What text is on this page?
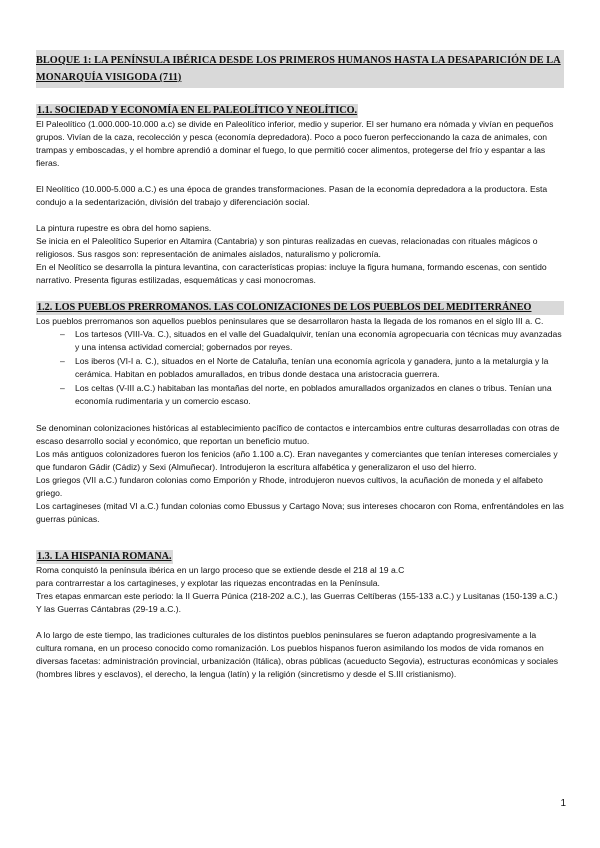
BLOQUE 1: LA PENÍNSULA IBÉRICA DESDE LOS PRIMEROS HUMANOS HASTA LA DESAPARICIÓN DE LA MONARQUÍA VISIGODA (711)
1.1. SOCIEDAD Y ECONOMÍA EN EL PALEOLÍTICO Y NEOLÍTICO.

El Paleolítico (1.000.000-10.000 a.c) se divide en Paleolítico inferior, medio y superior. El ser humano era nómada y vivían en pequeños grupos. Vivían de la caza, recolección y pesca (economía depredadora). Poco a poco fueron perfeccionando la caza de animales, con trampas y emboscadas, y el hombre aprendió a dominar el fuego, lo que permitió cocer alimentos, protegerse del frío y espantar a las fieras.

El Neolítico (10.000-5.000 a.C.) es una época de grandes transformaciones. Pasan de la economía depredadora a la productora. Esta condujo a la sedentarización, división del trabajo y diferenciación social.

La pintura rupestre es obra del homo sapiens.

Se inicia en el Paleolítico Superior en Altamira (Cantabria) y son pinturas realizadas en cuevas, relacionadas con rituales mágicos o religiosos. Sus rasgos son: representación de animales aislados, naturalismo y policromía.

En el Neolítico se desarrolla la pintura levantina, con características propias: incluye la figura humana, formando escenas, con sentido narrativo. Presenta figuras estilizadas, esquemáticas y casi monocromas.

1.2. LOS PUEBLOS PRERROMANOS. LAS COLONIZACIONES DE LOS PUEBLOS DEL MEDITERRÁNEO

Los pueblos prerromanos son aquellos pueblos peninsulares que se desarrollaron hasta la llegada de los romanos en el siglo III a. C.

– Los tartesos (VIII-Va. C.), situados en el valle del Guadalquivir, tenían una economía agropecuaria con técnicas muy avanzadas y una intensa actividad comercial; gobernados por reyes.
– Los iberos (VI-I a. C.), situados en el Norte de Cataluña, tenían una economía agrícola y ganadera, junto a la metalurgia y la cerámica. Habitan en poblados amurallados, en tribus donde destaca una aristocracia guerrera.
– Los celtas (V-III a.C.) habitaban las montañas del norte, en poblados amurallados organizados en clanes o tribus. Tenían una economía rudimentaria y un comercio escaso.

Se denominan colonizaciones históricas al establecimiento pacífico de contactos e intercambios entre culturas desarrolladas con otras de escaso desarrollo social y económico, que reportan un beneficio mutuo.

Los más antiguos colonizadores fueron los fenicios (año 1.100 a.C). Eran navegantes y comerciantes que tenían intereses comerciales y que fundaron Gádir (Cádiz) y Sexi (Almuñecar). Introdujeron la escritura alfabética y generalizaron el uso del hierro.

Los griegos (VII a.C.) fundaron colonias como Emporión y Rhode, introdujeron nuevos cultivos, la acuñación de moneda y el alfabeto griego.

Los cartagineses (mitad VI a.C.) fundan colonias como Ebussus y Cartago Nova; sus intereses chocaron con Roma, enfrentándoles en las guerras púnicas.

1.3. LA HISPANIA ROMANA.

Roma conquistó la península ibérica en un largo proceso que se extiende desde el 218 al 19 a.C

para contrarrestar a los cartagineses, y explotar las riquezas encontradas en la Península.

Tres etapas enmarcan este periodo: la II Guerra Púnica (218-202 a.C.), las Guerras Celtíberas (155-133 a.C.) y Lusitanas (150-139 a.C.) Y las Guerras Cántabras (29-19 a.C.).

A lo largo de este tiempo, las tradiciones culturales de los distintos pueblos peninsulares se fueron adaptando progresivamente a la cultura romana, en un proceso conocido como romanización. Los pueblos hispanos fueron asimilando los modos de vida romanos en diversas facetas: administración provincial, urbanización (Itálica), obras públicas (acueducto Segovia), estructuras económicas y sociales (hombres libres y esclavos), el derecho, la lengua (latín) y la religión (sincretismo y desde el S.III cristianismo).

1
